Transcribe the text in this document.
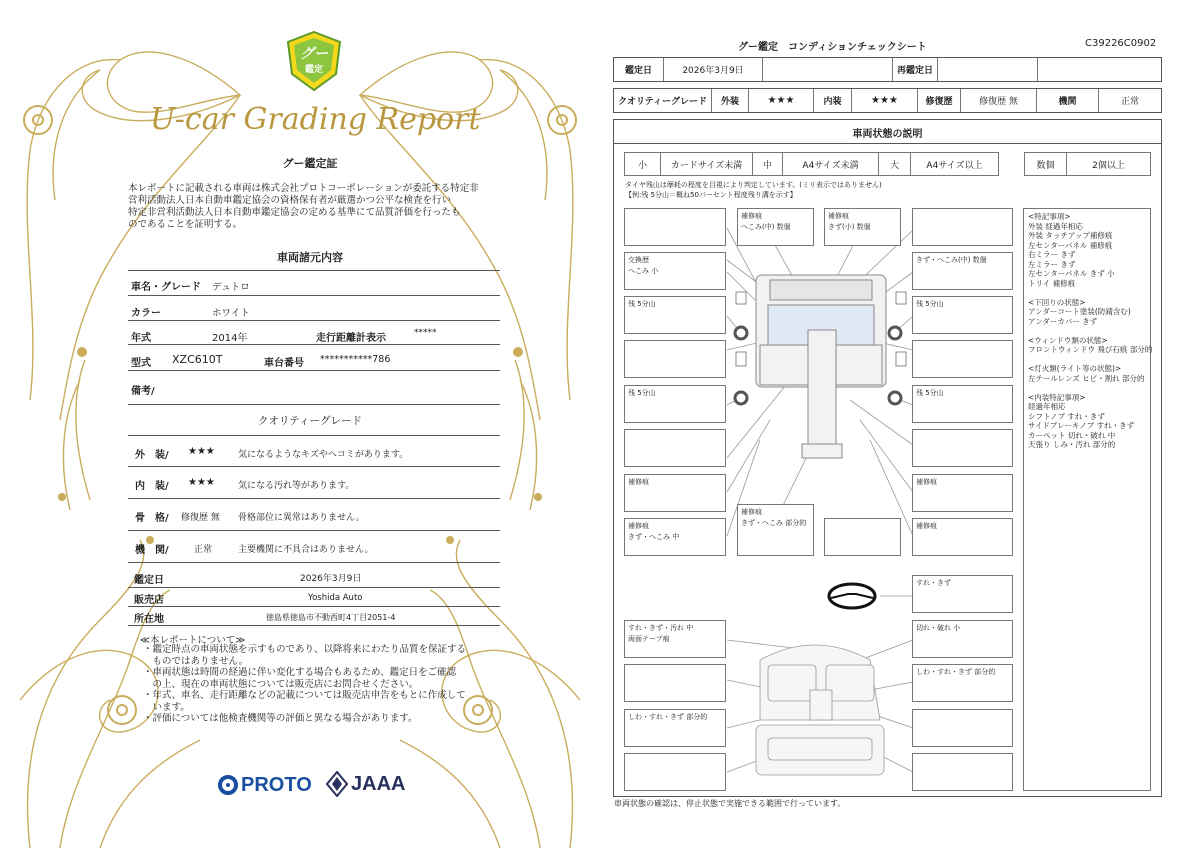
グー
鑑定
U-car Grading Report
グー鑑定証
本レポートに記載される車両は株式会社プロトコーポレーションが委託する特定非
営利活動法人日本自動車鑑定協会の資格保有者が厳選かつ公平な検査を行い
特定非営利活動法人日本自動車鑑定協会の定める基準にて品質評価を行ったも
のであることを証明する。
車両諸元内容
車名・グレード デュトロ
カラー	ホワイト
年式	2014年	走行距離計表示	*****
型式 XZC610T	車台番号 ***********786
備考/
クオリティーグレード
外　装/ ★★★	気になるようなキズやヘコミがあります。
内　装/ ★★★	気になる汚れ等があります。
骨　格/ 修復歴 無 骨格部位に異常はありません。
機　関/	正常	主要機関に不具合はありません。
鑑定日	2026年3月9日
販売店	Yoshida Auto
所在地	徳島県徳島市不動西町4丁目2051-4
≪本レポートについて≫
・鑑定時点の車両状態を示すものであり、以降将来にわたり品質を保証する
　ものではありません。
・車両状態は時間の経過に伴い変化する場合もあるため、鑑定日をご確認
　の上、現在の車両状態については販売店にお問合せください。
・年式、車名、走行距離などの記載については販売店申告をもとに作成して
　います。
・評価については他検査機関等の評価と異なる場合があります。
PROTO JAAA
グー鑑定　コンディションチェックシート	C39226C0902
鑑定日	2026年3月9日	再鑑定日
クオリティーグレード	外装	★★★	内装	★★★	修復歴	修復歴 無	機関	正常
車両状態の説明
小	カードサイズ未満	中	A4サイズ未満	大	A4サイズ以上	数個	2個以上
タイヤ残山は摩耗の程度を目視により判定しています。(ミリ表示ではありません)
【例:残 5分山＝概ね50パーセント程度残り溝を示す】
補修痕
へこみ(中) 数個
補修痕
きず(小) 数個
交換歴
へこみ 小
きず・へこみ(中) 数個
残 5分山	残 5分山
残 5分山	残 5分山
補修痕	補修痕
補修痕
きず・へこみ 部分的
補修痕
きず・へこみ 中
補修痕
すれ・きず
すれ・きず・汚れ 中
両面テープ痕
切れ・破れ 小
しわ・すれ・きず 部分的
しわ・すれ・きず 部分的
<特記事項>
外装 経過年相応
外装 タッチアップ補修痕
左センターパネル 補修痕
右ミラー きず
左ミラー きず
左センターパネル きず 小
トリイ 補修痕

<下回りの状態>
アンダーコート塗装(防錆含む)
アンダーカバー きず

<ウィンドウ類の状態>
フロントウィンドウ 飛び石痕 部分的

<灯火類(ライト等の状態)>
左テールレンズ ヒビ・割れ 部分的

<内装特記事項>
経過年相応
シフトノブ すれ・きず
サイドブレーキノブ すれ・きず
カーペット 切れ・破れ 中
天張り しみ・汚れ 部分的
車両状態の確認は、停止状態で実施できる範囲で行っています。
